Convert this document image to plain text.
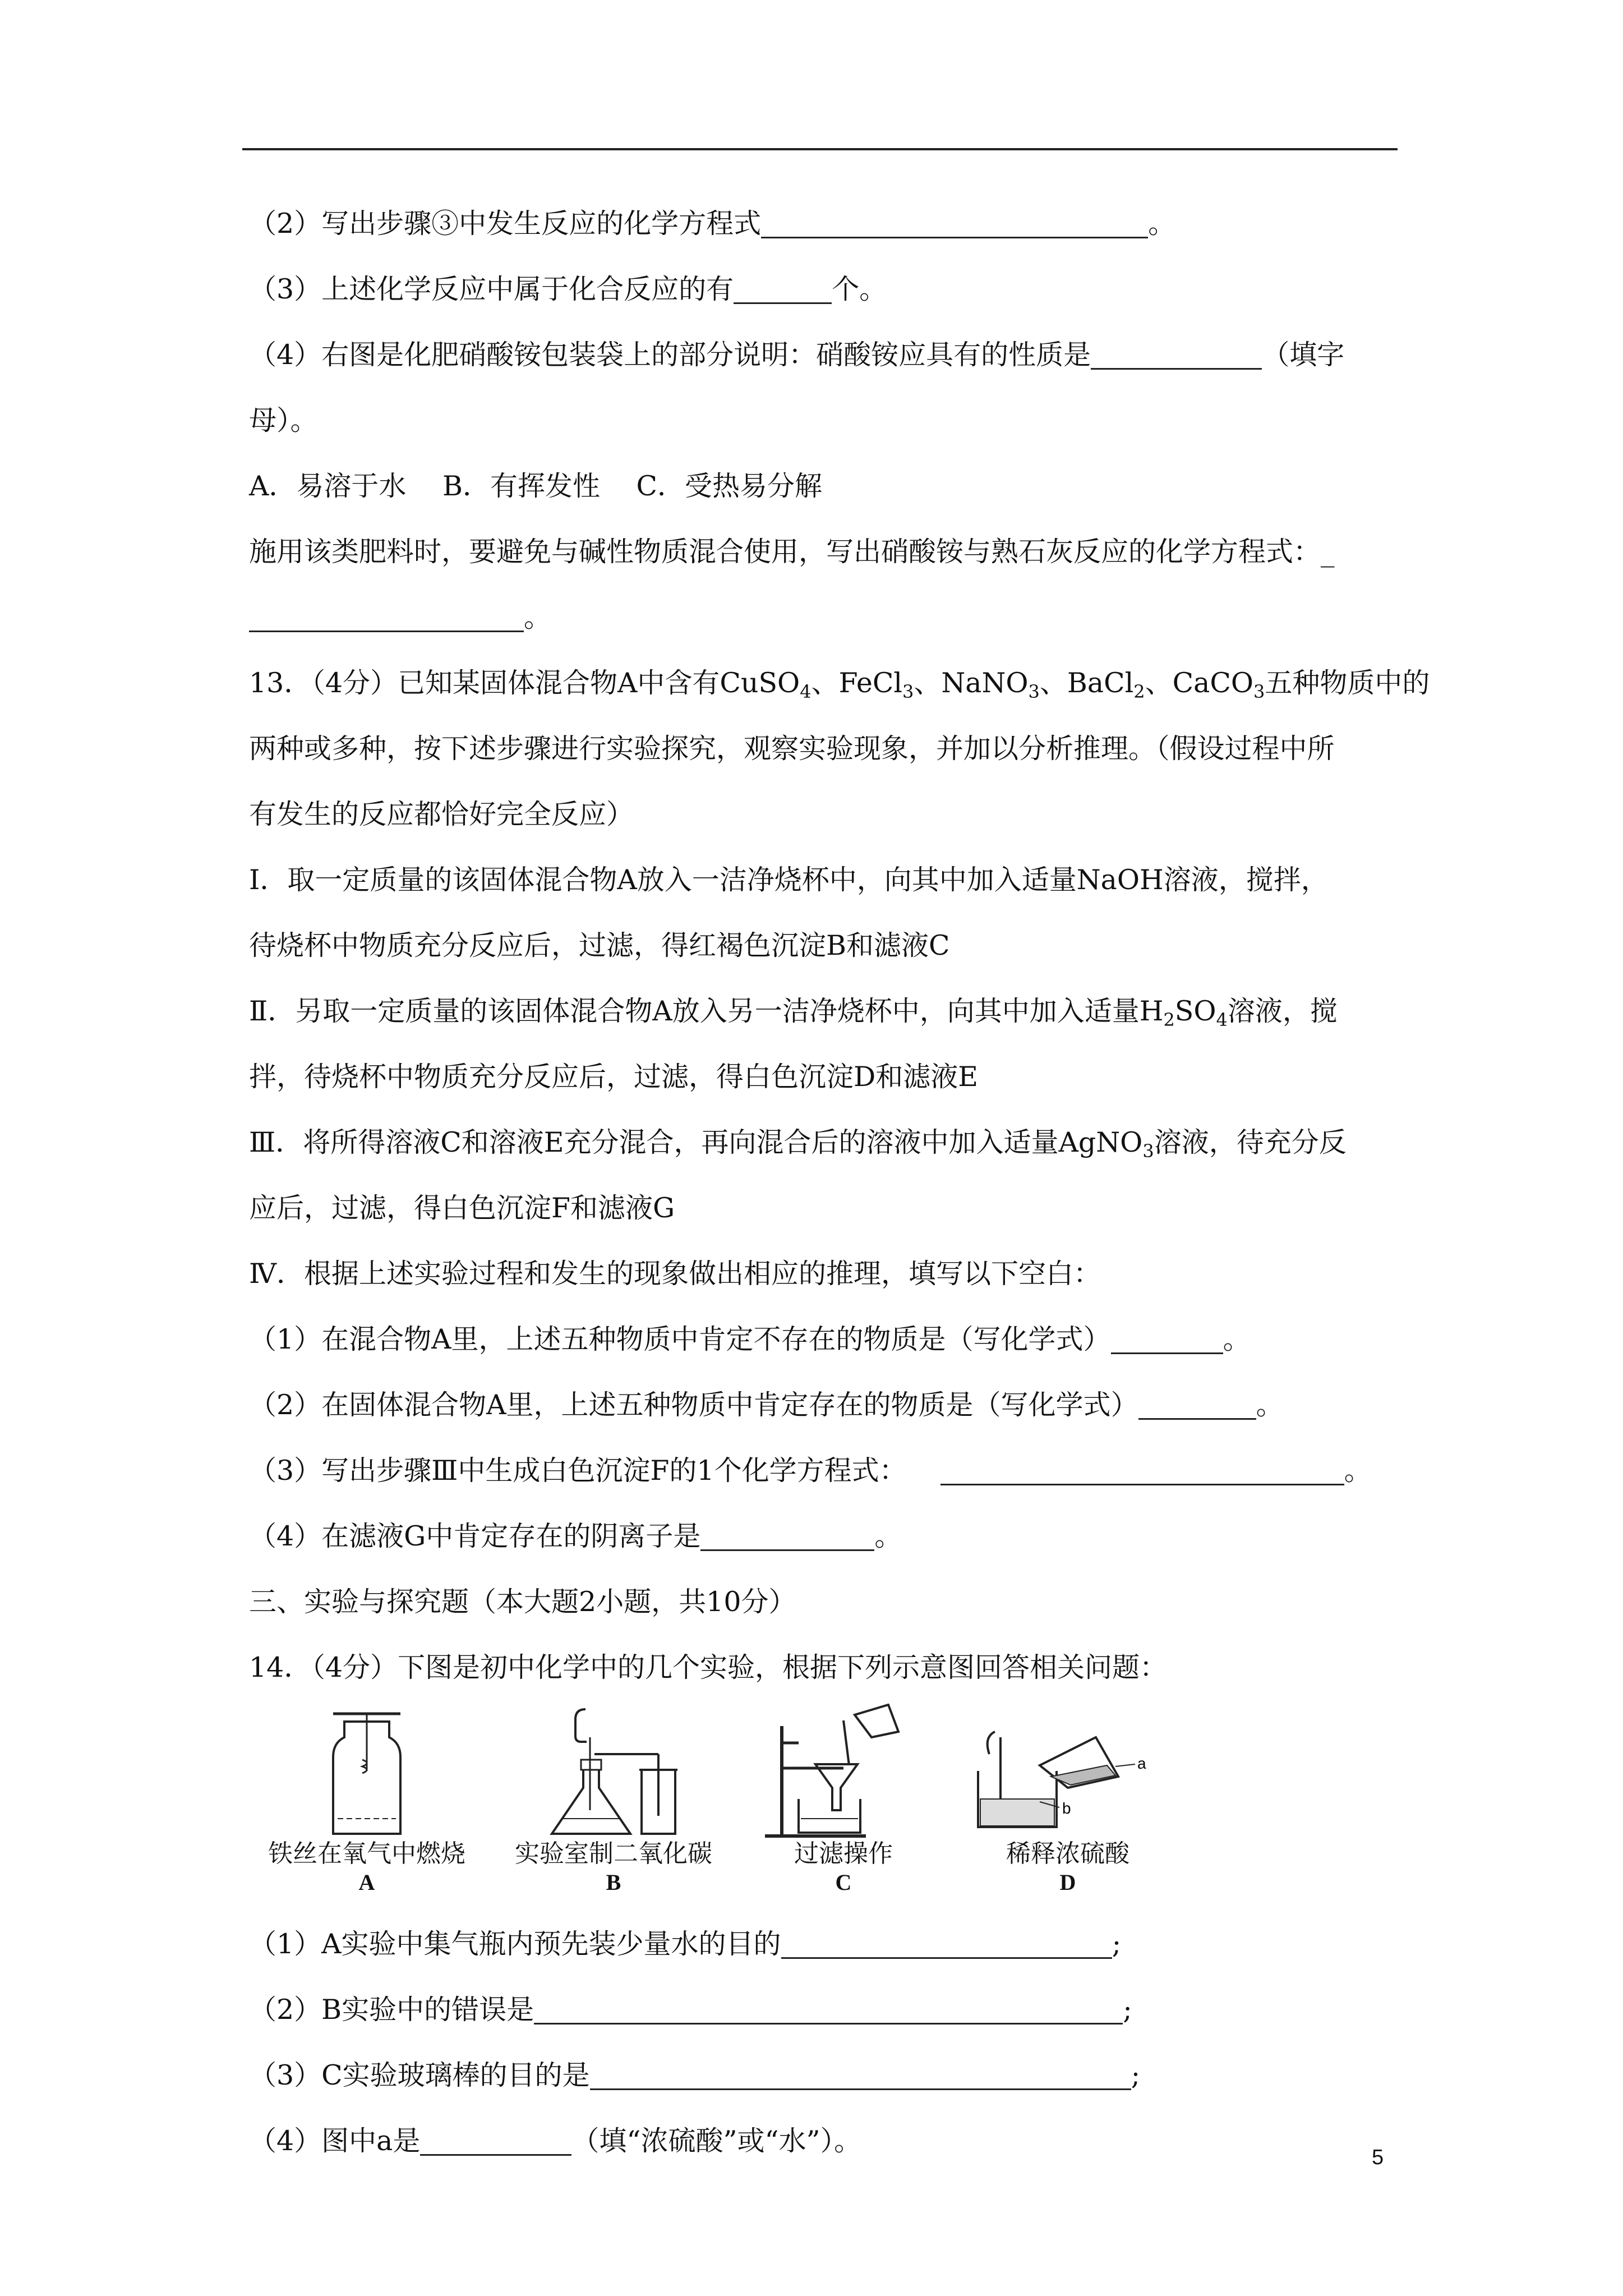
（2）写出步骤③中发生反应的化学方程式	。
（3）上述化学反应中属于化合反应的有	个。
（4）右图是化肥硝酸铵包装袋上的部分说明：硝酸铵应具有的性质是	（填字
母）。
A．易溶于水　 B．有挥发性　 C．受热易分解
施用该类肥料时，要避免与碱性物质混合使用，写出硝酸铵与熟石灰反应的化学方程式：_
。
13．（4分）已知某固体混合物A中含有CuSO$_4$、FeCl$_3$、NaNO$_3$、BaCl$_2$、CaCO$_3$五种物质中的
两种或多种，按下述步骤进行实验探究，观察实验现象，并加以分析推理。（假设过程中所
有发生的反应都恰好完全反应）
Ⅰ．取一定质量的该固体混合物A放入一洁净烧杯中，向其中加入适量NaOH溶液，搅拌，
待烧杯中物质充分反应后，过滤，得红褐色沉淀B和滤液C
Ⅱ．另取一定质量的该固体混合物A放入另一洁净烧杯中，向其中加入适量$H_2SO_4$溶液，搅
拌，待烧杯中物质充分反应后，过滤，得白色沉淀D和滤液E
Ⅲ．将所得溶液C和溶液E充分混合，再向混合后的溶液中加入适量AgNO$_3$溶液，待充分反
应后，过滤，得白色沉淀F和滤液G
Ⅳ．根据上述实验过程和发生的现象做出相应的推理，填写以下空白：
（1）在混合物A里，上述五种物质中肯定不存在的物质是（写化学式）	。
（2）在固体混合物A里，上述五种物质中肯定存在的物质是（写化学式）	。
（3）写出步骤Ⅲ中生成白色沉淀F的1个化学方程式：	。
（4）在滤液G中肯定存在的阴离子是	。
三、实验与探究题（本大题2小题，共10分）
14．（4分）下图是初中化学中的几个实验，根据下列示意图回答相关问题：
铁丝在氧气中燃烧
A
实验室制二氧化碳
B
过滤操作
C
a
b
稀释浓硫酸
D
（1）A实验中集气瓶内预先装少量水的目的	;
（2）B实验中的错误是	;
（3）C实验玻璃棒的目的是	;
（4）图中a是	（填“浓硫酸”或“水”）。
5
